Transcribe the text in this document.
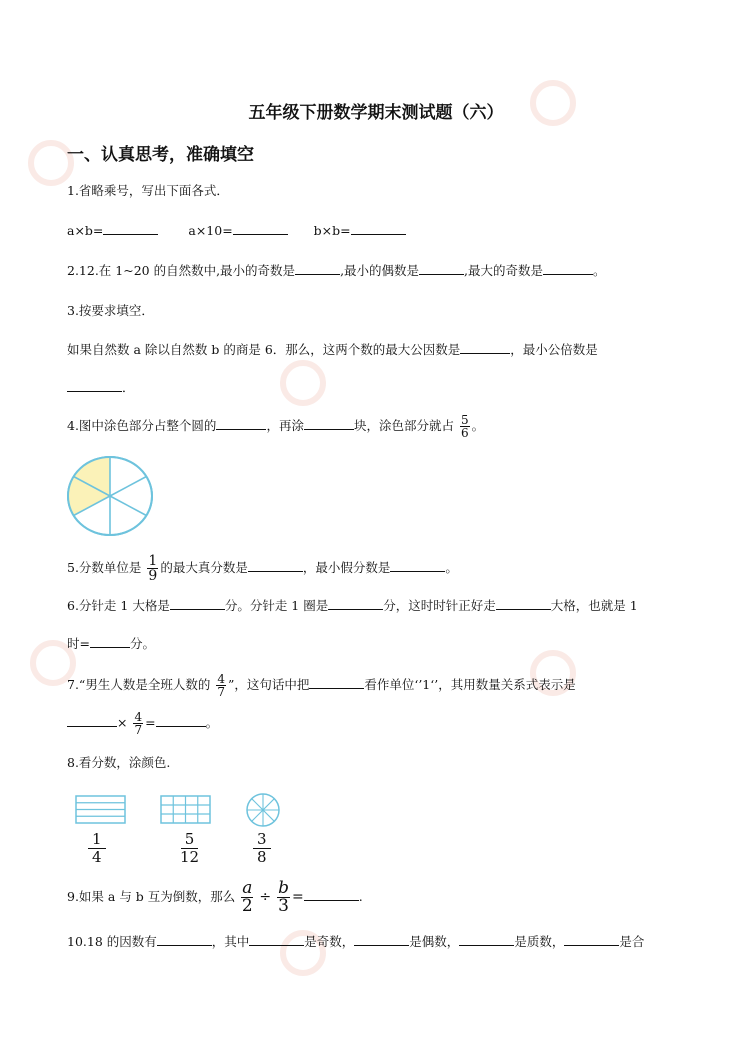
五年级下册数学期末测试题（六）
一、认真思考，准确填空
1.省略乘号，写出下面各式．
a×b=	a×10=	b×b=
2.12.在 1~20 的自然数中,最小的奇数是	,最小的偶数是	,最大的奇数是	。
3.按要求填空．
如果自然数 a 除以自然数 b 的商是 6．那么，这两个数的最大公因数是	，最小公倍数是
．
4.图中涂色部分占整个圆的	，再涂	块，涂色部分就占 $\frac{5}{6}$ 。
5.分数单位是 $\frac{1}{9}$ 的最大真分数是	，最小假分数是	。
6.分针走 1 大格是	分。分针走 1 圈是	分，这时时针正好走	大格，也就是 1
时=	分。
7.“男生人数是全班人数的 $\frac{4}{7}$ ”，这句话中把	看作单位‘’1‘’，其用数量关系式表示是
× $\frac{4}{7}$ =	。
8.看分数，涂颜色.
1
4
5
12
3
8
9.如果 a 与 b 互为倒数，那么 $\frac{a}{2} \div \frac{b}{3}$ =	.
10.18 的因数有	，其中	是奇数，	是偶数，	是质数，	是合
